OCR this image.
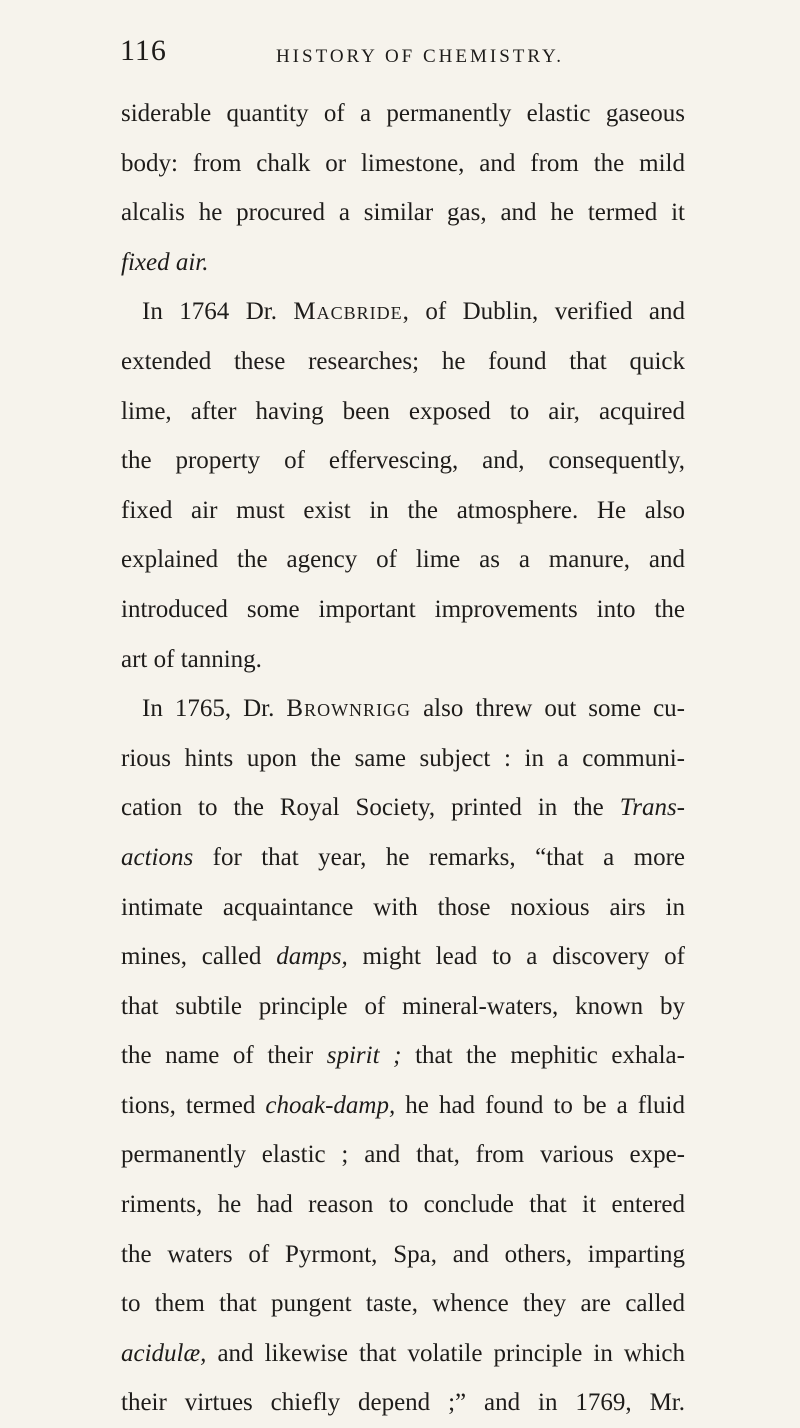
116	HISTORY OF CHEMISTRY.
siderable quantity of a permanently elastic gaseous
body: from chalk or limestone, and from the mild
alcalis he procured a similar gas, and he termed it
fixed air.
In 1764 Dr. Macbride, of Dublin, verified and
extended these researches; he found that quick
lime, after having been exposed to air, acquired
the property of effervescing, and, consequently,
fixed air must exist in the atmosphere. He also
explained the agency of lime as a manure, and
introduced some important improvements into the
art of tanning.
In 1765, Dr. Brownrigg also threw out some cu-
rious hints upon the same subject : in a communi-
cation to the Royal Society, printed in the Trans-
actions for that year, he remarks, “that a more
intimate acquaintance with those noxious airs in
mines, called damps, might lead to a discovery of
that subtile principle of mineral-waters, known by
the name of their spirit ; that the mephitic exhala-
tions, termed choak-damp, he had found to be a fluid
permanently elastic ; and that, from various expe-
riments, he had reason to conclude that it entered
the waters of Pyrmont, Spa, and others, imparting
to them that pungent taste, whence they are called
acidulæ, and likewise that volatile principle in which
their virtues chiefly depend ;” and in 1769, Mr.
